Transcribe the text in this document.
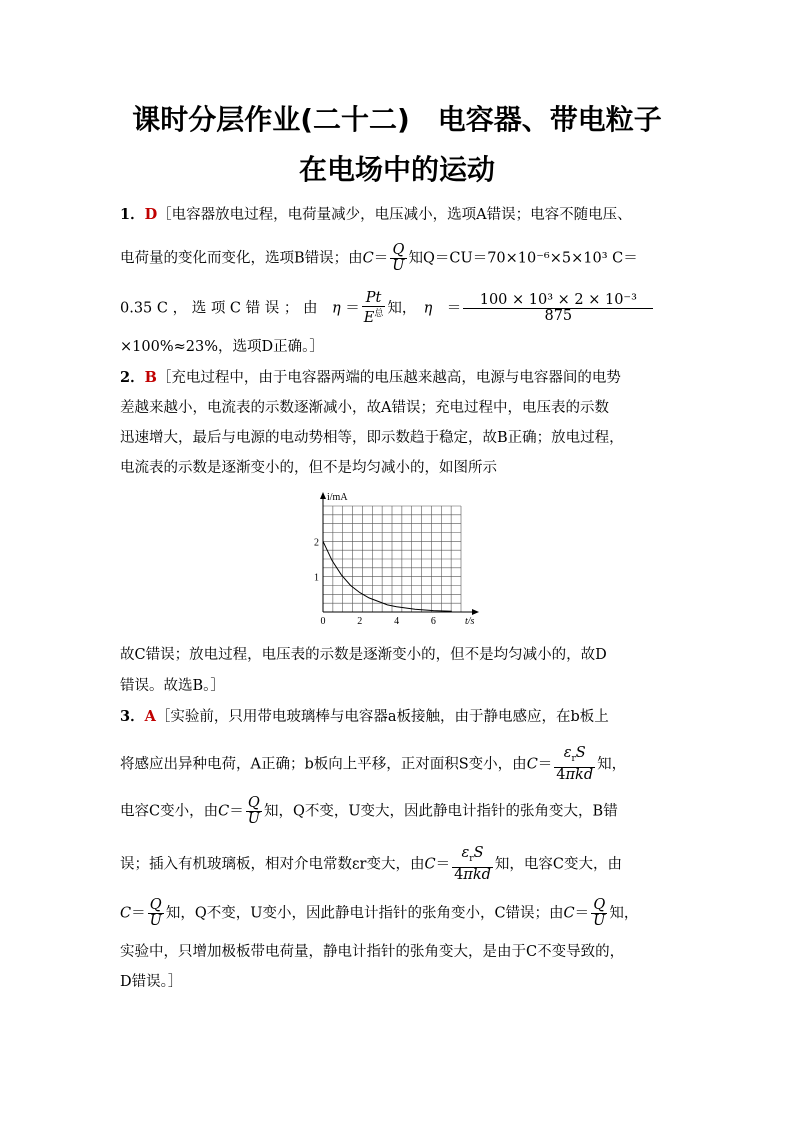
课时分层作业(二十二)　电容器、带电粒子
在电场中的运动
1．D［电容器放电过程，电荷量减少，电压减小，选项A错误；电容不随电压、
电荷量的变化而变化，选项B错误；由$C= \frac{Q}{U}$ 知Q＝CU＝70×10⁻⁶×5×10³ C＝
0.35 C ， 选 项 C 错 误 ； 由　 $\eta = \frac{Pt}{E^总}$ 知，　 η　＝ $\frac{\text{100 × 10³ × 2 × 10⁻³}}{875}$
×100%≈23%，选项D正确。］
2．B［充电过程中，由于电容器两端的电压越来越高，电源与电容器间的电势
差越来越小，电流表的示数逐渐减小，故A错误；充电过程中，电压表的示数
迅速增大，最后与电源的电动势相等，即示数趋于稳定，故B正确；放电过程，
电流表的示数是逐渐变小的，但不是均匀减小的，如图所示
0	2	4	6
1
2
t/s
i/mA
故C错误；放电过程，电压表的示数是逐渐变小的，但不是均匀减小的，故D
错误。故选B。］
3．A［实验前，只用带电玻璃棒与电容器a板接触，由于静电感应，在b板上
将感应出异种电荷，A正确；b板向上平移，正对面积S变小，由$C= \frac{\varepsilon_rS}{\text{4πkd}}$ 知，
电容C变小，由$C= \frac{Q}{U}$ 知，Q不变，U变大，因此静电计指针的张角变大，B错
误；插入有机玻璃板，相对介电常数εr变大，由$C= \frac{\varepsilon_rS}{\text{4πkd}}$ 知，电容C变大，由
$C= \frac{Q}{U}$ 知，Q不变，U变小，因此静电计指针的张角变小，C错误；由$C= \frac{Q}{U}$ 知，
实验中，只增加极板带电荷量，静电计指针的张角变大，是由于C不变导致的，
D错误。］
